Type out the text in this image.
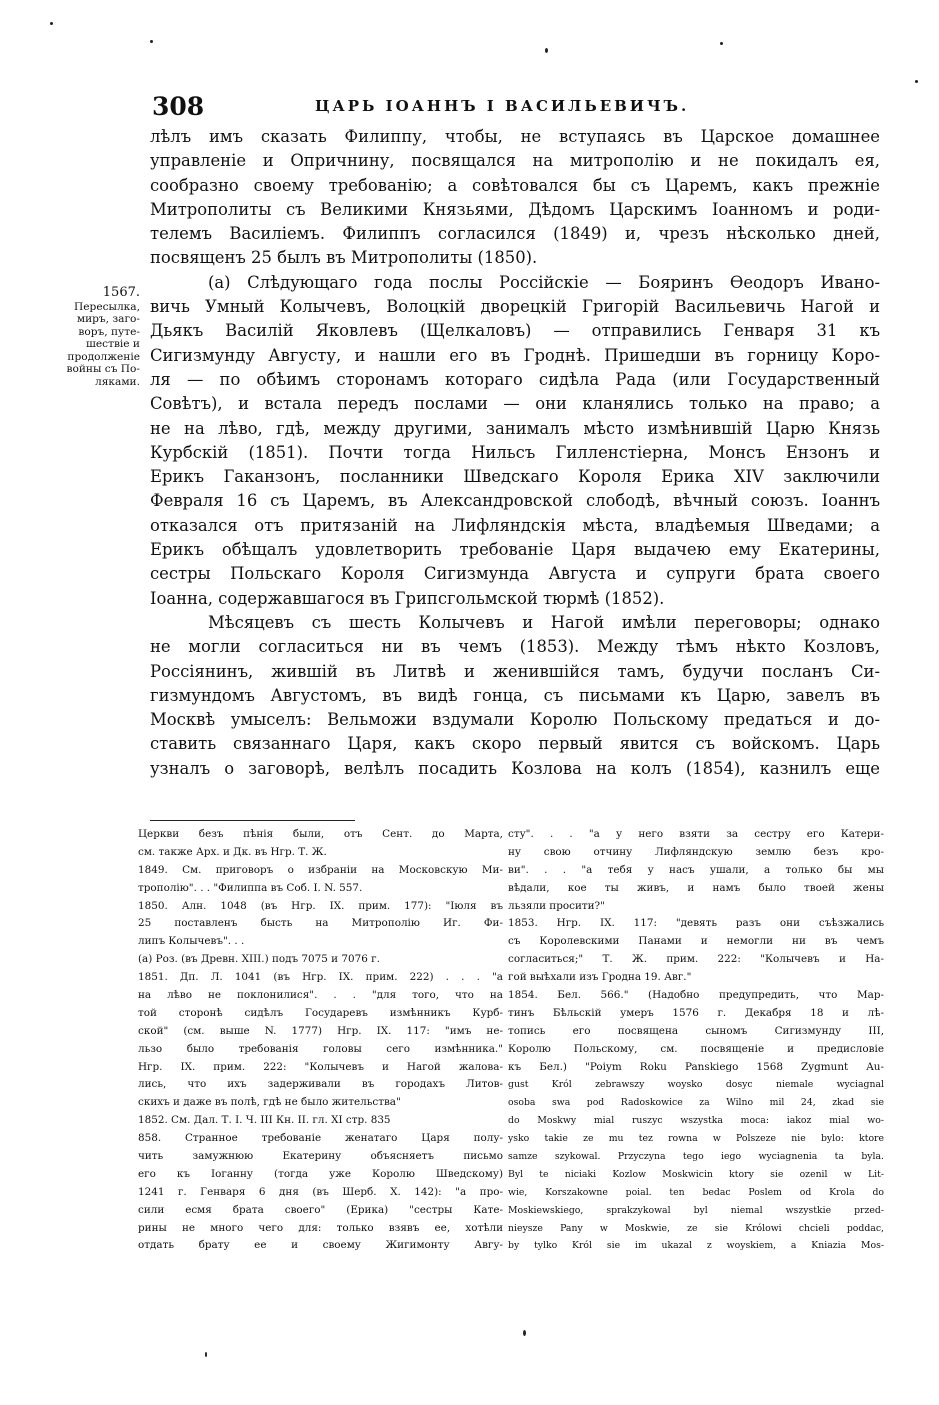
308	ЦАРЬ ІОАННЪ І ВАСИЛЬЕВИЧЪ.
1567.
Пересылка,
миръ, заго-
воръ, путе-
шествіе и
продолженіе
войны съ По-
ляками.
лѣлъ имъ сказать Филиппу, чтобы, не вступаясь въ Царское домашнее
управленіе и Опричнину, посвящался на митрополію и не покидалъ ея,
сообразно своему требованію; а совѣтовался бы съ Царемъ, какъ прежніе
Митрополиты съ Великими Князьями, Дѣдомъ Царскимъ Іоанномъ и роди-
телемъ Василіемъ. Филиппъ согласился (1849) и, чрезъ нѣсколько дней,
посвященъ 25 былъ въ Митрополиты (1850).
(а) Слѣдующаго года послы Россійскіе — Бояринъ Ѳеодоръ Ивано-
вичь Умный Колычевъ, Волоцкій дворецкій Григорій Васильевичь Нагой и
Дьякъ Василій Яковлевъ (Щелкаловъ) — отправились Генваря 31 къ
Сигизмунду Августу, и нашли его въ Гроднѣ. Пришедши въ горницу Коро-
ля — по обѣимъ сторонамъ котораго сидѣла Рада (или Государственный
Совѣтъ), и встала передъ послами — они кланялись только на право; а
не на лѣво, гдѣ, между другими, занималъ мѣсто измѣнившій Царю Князь
Курбскій (1851). Почти тогда Нильсъ Гилленстіерна, Монсъ Ензонъ и
Ерикъ Гаканзонъ, посланники Шведскаго Короля Ерика XIV заключили
Февраля 16 съ Царемъ, въ Александровской слободѣ, вѣчный союзъ. Іоаннъ
отказался отъ притязаній на Лифляндскія мѣста, владѣемыя Шведами; а
Ерикъ обѣщалъ удовлетворить требованіе Царя выдачею ему Екатерины,
сестры Польскаго Короля Сигизмунда Августа и супруги брата своего
Іоанна, содержавшагося въ Грипсгольмской тюрмѣ (1852).
Мѣсяцевъ съ шесть Колычевъ и Нагой имѣли переговоры; однако
не могли согласиться ни въ чемъ (1853). Между тѣмъ нѣкто Козловъ,
Россіянинъ, жившій въ Литвѣ и женившійся тамъ, будучи посланъ Си-
гизмундомъ Августомъ, въ видѣ гонца, съ письмами къ Царю, завелъ въ
Москвѣ умыселъ: Вельможи вздумали Королю Польскому предаться и до-
ставить связаннаго Царя, какъ скоро первый явится съ войскомъ. Царь
узналъ о заговорѣ, велѣлъ посадить Козлова на колъ (1854), казнилъ еще
Церкви безъ пѣнія были, отъ Сент. до Марта,
см. также Арх. и Дк. въ Нгр. Т. Ж.
1849. См. приговоръ о избраніи на Московскую Ми-
трополію". . . "Филиппа въ Соб. I. N. 557.
1850. Алн. 1048 (въ Нгр. IX. прим. 177): "Іюля въ
25 поставленъ бысть на Митрополію Иг. Фи-
липъ Колычевъ". . .
(а) Роз. (въ Древн. XIII.) подъ 7075 и 7076 г.
1851. Дп. Л. 1041 (въ Нгр. IX. прим. 222) . . . "а
на лѣво не поклонилися". . . "для того, что на
той сторонѣ сидѣлъ Государевъ измѣнникъ Курб-
ской" (см. выше N. 1777) Нгр. IX. 117: "имъ не-
льзо было требованія головы сего измѣнника."
Нгр. IX. прим. 222: "Колычевъ и Нагой жалова-
лись, что ихъ задерживали въ городахъ Литов-
скихъ и даже въ полѣ, гдѣ не было жительства"
1852. См. Дал. Т. I. Ч. III Кн. II. гл. XI стр. 835
858. Странное требованіе женатаго Царя полу-
чить замужнюю Екатерину объясняетъ письмо
его къ Іоганну (тогда уже Королю Шведскому)
1241 г. Генваря 6 дня (въ Шерб. X. 142): "а про-
сили есмя брата своего" (Ерика) "сестры Кате-
рины не много чего для: только взявъ ее, хотѣли
отдать брату ее и своему Жигимонту Авгу-
сту". . . "а у него взяти за сестру его Катери-
ну свою отчину Лифляндскую землю безъ кро-
ви". . . "а тебя у насъ ушали, а только бы мы
вѣдали, кое ты живъ, и намъ было твоей жены
льзяли просити?"
1853. Нгр. IX. 117: "девять разъ они съѣзжались
съ Королевскими Панами и немогли ни въ чемъ
согласиться;" Т. Ж. прим. 222: "Колычевъ и На-
гой выѣхали изъ Гродна 19. Авг."
1854. Бел. 566." (Надобно предупредить, что Мар-
тинъ Бѣльскій умеръ 1576 г. Декабря 18 и лѣ-
топись его посвящена сыномъ Сигизмунду III,
Королю Польскому, см. посвященіе и предисловіе
къ Бел.) "Poiym Roku Panskiego 1568 Zygmunt Au-
gust Król zebrawszy woysko dosyc niemale wyciagnal
osoba swa pod Radoskowice za Wilno mil 24, zkad sie
do Moskwy mial ruszyc wszystka moca: iakoz mial wo-
ysko takie ze mu tez rowna w Polszeze nie bylo: ktore
samze szykowal. Przyczyna tego iego wyciagnenia ta byla.
Byl te niciaki Kozlow Moskwicin ktory sie ozenil w Lit-
wie, Korszakowne poial. ten bedac Poslem od Krola do
Moskiewskiego, sprakzykowal byl niemal wszystkie przed-
nieysze Pany w Moskwie, ze sie Królowi chcieli poddac,
by tylko Król sie im ukazal z woyskiem, a Kniazia Mos-
